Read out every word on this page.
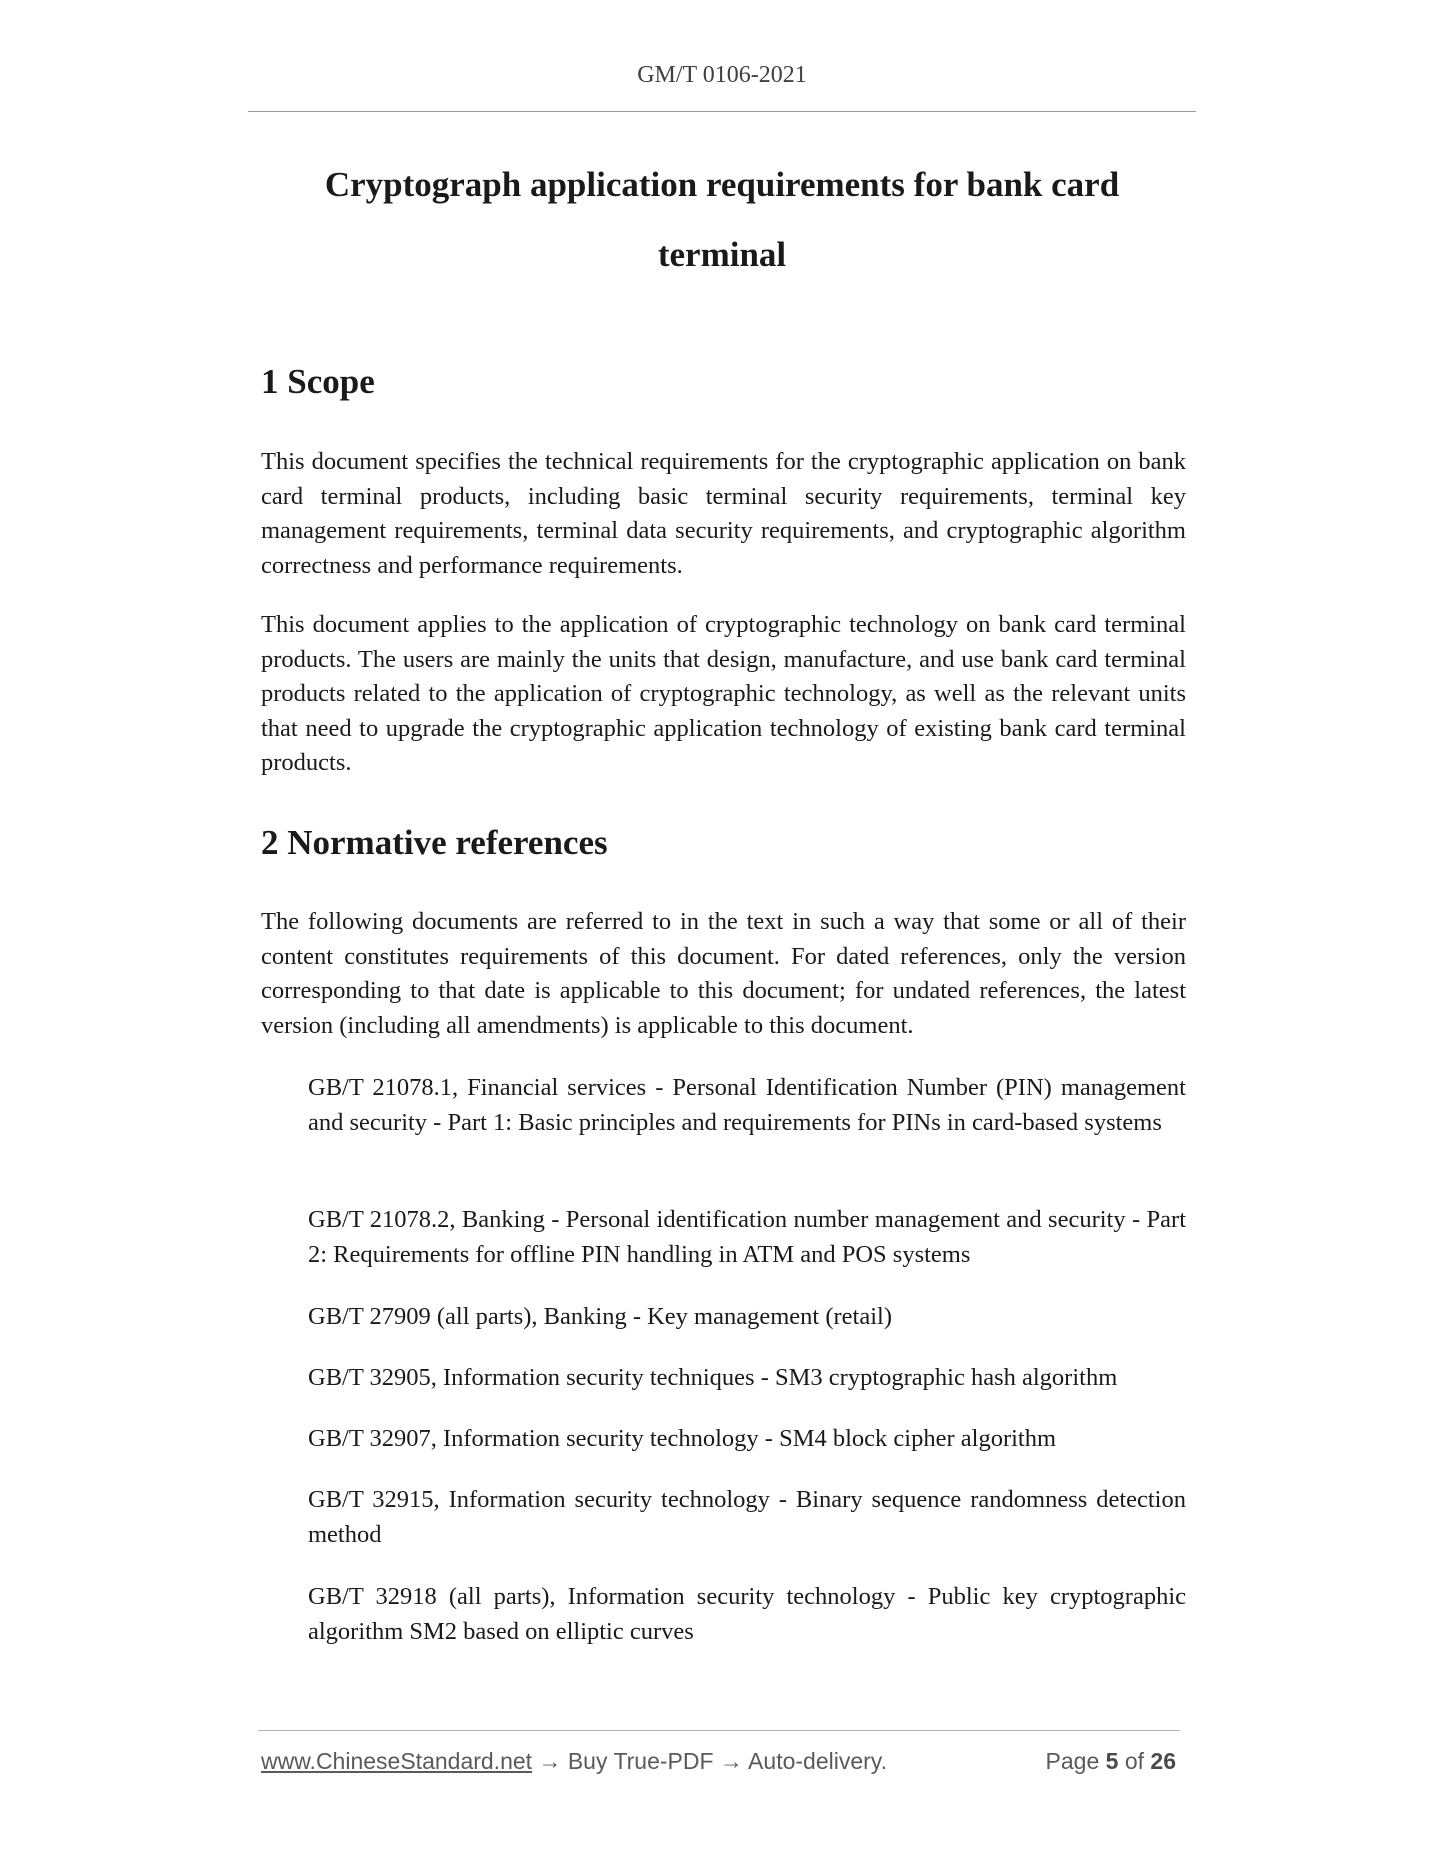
GM/T 0106-2021
Cryptograph application requirements for bank card
terminal
1 Scope

This document specifies the technical requirements for the cryptographic application on bank card terminal products, including basic terminal security requirements, terminal key management requirements, terminal data security requirements, and cryptographic algorithm correctness and performance requirements.

This document applies to the application of cryptographic technology on bank card terminal products. The users are mainly the units that design, manufacture, and use bank card terminal products related to the application of cryptographic technology, as well as the relevant units that need to upgrade the cryptographic application technology of existing bank card terminal products.

2 Normative references

The following documents are referred to in the text in such a way that some or all of their content constitutes requirements of this document. For dated references, only the version corresponding to that date is applicable to this document; for undated references, the latest version (including all amendments) is applicable to this document.

GB/T 21078.1, Financial services - Personal Identification Number (PIN) management and security - Part 1: Basic principles and requirements for PINs in card-based systems

GB/T 21078.2, Banking - Personal identification number management and security - Part 2: Requirements for offline PIN handling in ATM and POS systems

GB/T 27909 (all parts), Banking - Key management (retail)

GB/T 32905, Information security techniques - SM3 cryptographic hash algorithm

GB/T 32907, Information security technology - SM4 block cipher algorithm

GB/T 32915, Information security technology - Binary sequence randomness detection method

GB/T 32918 (all parts), Information security technology - Public key cryptographic algorithm SM2 based on elliptic curves

www.ChineseStandard.net → Buy True-PDF → Auto-delivery.	Page 5 of 26
